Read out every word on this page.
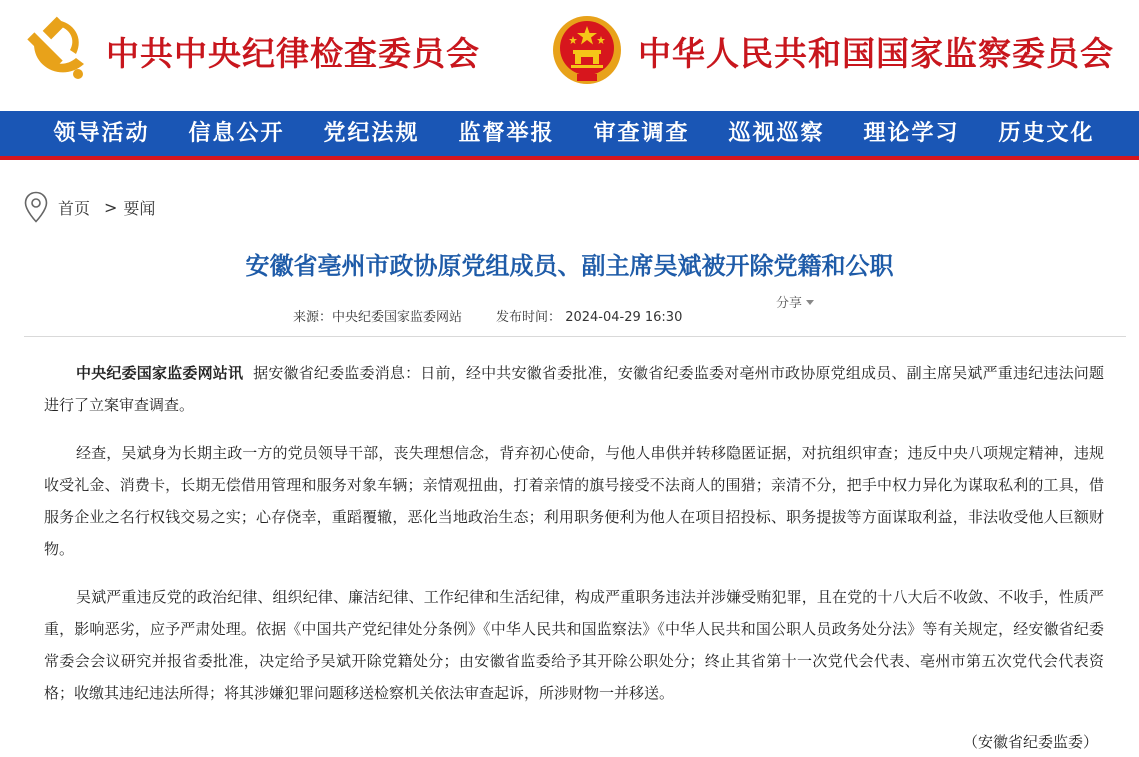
中共中央纪律检查委员会	中华人民共和国国家监察委员会
领导活动	信息公开	党纪法规	监督举报	审查调查	巡视巡察	理论学习	历史文化
首页 > 要闻
安徽省亳州市政协原党组成员、副主席吴斌被开除党籍和公职
分享
来源：中央纪委国家监委网站	发布时间： 2024-04-29 16:30

中央纪委国家监委网站讯 据安徽省纪委监委消息：日前，经中共安徽省委批准，安徽省纪委监委对亳州市政协原党组成员、副主席吴斌严重违纪违法问题进行了立案审查调查。

经查，吴斌身为长期主政一方的党员领导干部，丧失理想信念，背弃初心使命，与他人串供并转移隐匿证据，对抗组织审查；违反中央八项规定精神，违规收受礼金、消费卡，长期无偿借用管理和服务对象车辆；亲情观扭曲，打着亲情的旗号接受不法商人的围猎；亲清不分，把手中权力异化为谋取私利的工具，借服务企业之名行权钱交易之实；心存侥幸，重蹈覆辙，恶化当地政治生态；利用职务便利为他人在项目招投标、职务提拔等方面谋取利益，非法收受他人巨额财物。

吴斌严重违反党的政治纪律、组织纪律、廉洁纪律、工作纪律和生活纪律，构成严重职务违法并涉嫌受贿犯罪，且在党的十八大后不收敛、不收手，性质严重，影响恶劣，应予严肃处理。依据《中国共产党纪律处分条例》《中华人民共和国监察法》《中华人民共和国公职人员政务处分法》等有关规定，经安徽省纪委常委会会议研究并报省委批准，决定给予吴斌开除党籍处分；由安徽省监委给予其开除公职处分；终止其省第十一次党代会代表、亳州市第五次党代会代表资格；收缴其违纪违法所得；将其涉嫌犯罪问题移送检察机关依法审查起诉，所涉财物一并移送。

（安徽省纪委监委）
